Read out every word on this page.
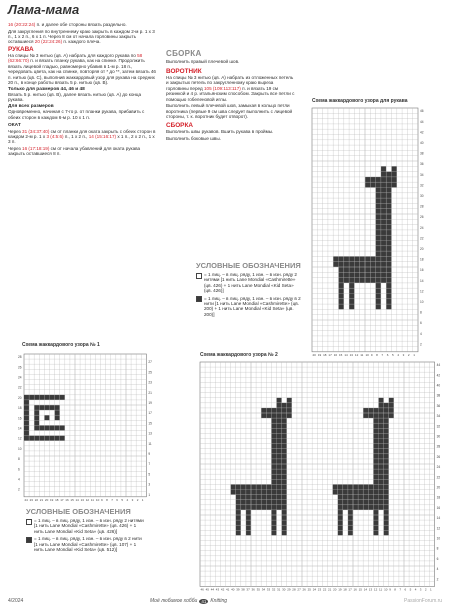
Лама-мама

16 (20:22:24) п. и далее обе стороны вязать раздельно.

Для закругления по внутреннему краю закрыть в каждом 2-м р. 1 х 3 п., 1 х 2 п., 6 х 1 п. Через 8 см от начала горловины закрыть оставшиеся 20 (22:24:26) п. каждого плеча.

РУКАВА

На спицы № 3 нитью (цв. А) набрать для каждого рукава по 58 (62:66:70) п. и вязать планку рукава, как на спинке. Продолжить вязать лицевой гладью, равномерно убавив в 1-м р. 18 п., чередовать цвета, как на спинке, повторяя от * до **, затем вязать 46 п. нитью (цв. С), выполнив жаккардовый узор для рукава на средних 20 п., в конце работы вязать 5 р. нитью (цв. В).

Только для размеров 44, 46 и 48

Вязать 5 р. нитью (цв. В), далее вязать нитью (цв. А) до конца рукава.

Для всех размеров

Одновременно, начиная с 7-го р. от планки рукава, прибавить с обеих сторон в каждом 6-м р. 10 х 1 п.

ОКАТ

Через 31 (34:37:40) см от планки для оката закрыть с обеих сторон в каждом 2-м р. 1 х 3 (4:5:6) п., 1 х 2 п., 14 (15:16:17) х 1 п., 2 х 2 п., 1 х 3 п.

Через 16 (17:18:19) см от начала убавлений для оката рукава закрыть оставшиеся 8 п.

СБОРКА

Выполнить правый плечевой шов.

ВОРОТНИК

На спицы № 3 нитью (цв. А) набрать из отложенных петель и закрытых петель по закругленному краю выреза горловины перед 105 (109:113:117) п. и вязать 19 см резинкой и 4 р. итальянским способом. Закрыть все петли с помощью гобеленовой иглы.

Выполнить левый плечевой шов, замыкая в кольцо петли воротника (первые 9 см шва следует выполнить с лицевой стороны, т. к. воротник будет отворот).

СБОРКА

Выполнить швы рукавов. Вшить рукава в проймы.

Выполнить боковые швы.

УСЛОВНЫЕ ОБОЗНАЧЕНИЯ
= 1 лиц. – в лиц. ряду, 1 изн. – в изн. ряду 2 нитями [1 нить Lane Mondial «Cashmirette» (цв. 426) + 1 нить Lane Mondial «Kid Seta» (цв. 426)]
= 1 лиц. – в лиц. ряду, 1 изн. – в изн. ряду в 2 нити [1 нить Lane Mondial «Cashmirette» (цв. 200) + 1 нить Lane Mondial «Kid Seta» (цв. 200)]
Схема жаккардового узора для рукава
Схема жаккардового узора № 1
Схема жаккардового узора № 2
2
4
6
8
10
12
14
16
18
20
22
24
26
28
30
32
34
36
38
40
42
44
46
1
2
3
4
5
6
7
8
9
10
11
12
13
14
15
16
17
18
19
20
1
3
5
7
9
11
13
15
17
19
21
23
25
27
1
2
3
4
5
6
7
8
9
10
11
12
13
14
15
16
17
18
19
20
21
22
23
24
2
4
6
8
10
12
14
16
18
20
22
24
26
28
2
4
6
8
10
12
14
16
18
20
22
24
26
28
30
32
34
36
38
40
42
44
1
2
3
4
5
6
7
8
9
10
11
12
13
14
15
16
17
18
19
20
21
22
23
24
25
26
27
28
29
30
31
32
33
34
35
36
37
38
39
40
41
42
43
44
45
46
УСЛОВНЫЕ ОБОЗНАЧЕНИЯ
= 1 лиц. – в лиц. ряду, 1 изн. – в изн. ряду 2 нитями [1 нить Lane Mondial «Cashmirette» (цв. 426) + 1 нить Lane Mondial «Kid Seta» (цв. 426)]
= 1 лиц. – в лиц. ряду, 1 изн. – в изн. ряду в 2 нити [1 нить Lane Mondial «Cashmirette» (цв. 107) + 1 нить Lane Mondial «Kid Seta» (цв. 512)]
4/2024	Моё любимое хобби 41 Knitting	PassionForum.ru
